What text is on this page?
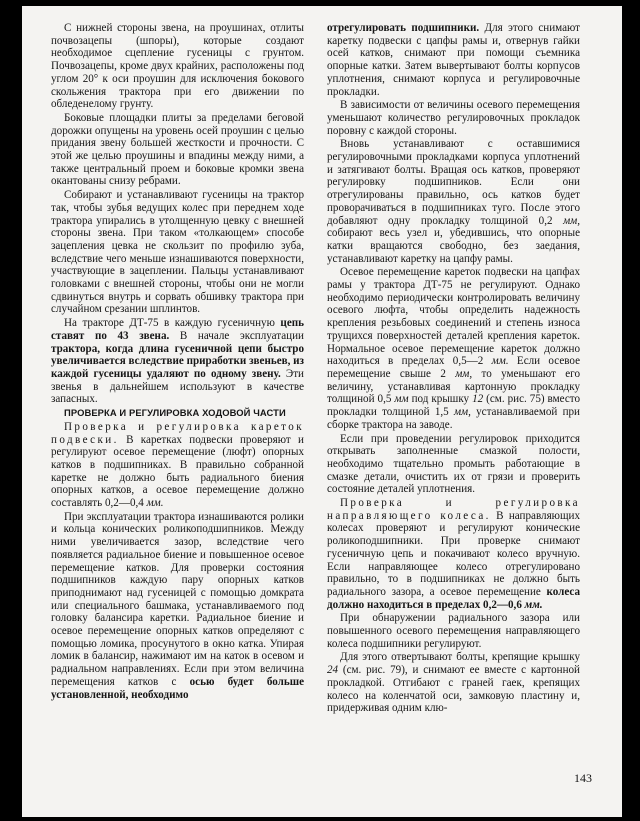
С нижней стороны звена, на проушинах, отлиты почвозацепы (шпоры), которые создают необходимое сцепление гусеницы с грунтом. Почвозацепы, кроме двух крайних, расположены под углом 20° к оси проушин для исключения бокового скольжения трактора при его движении по обледенелому грунту.

Боковые площадки плиты за пределами беговой дорожки опущены на уровень осей проушин с целью придания звену большей жесткости и прочности. С этой же целью проушины и впадины между ними, а также центральный проем и боковые кромки звена окантованы снизу ребрами.

Собирают и устанавливают гусеницы на трактор так, чтобы зубья ведущих колес при переднем ходе трактора упирались в утолщенную цевку с внешней стороны звена. При таком «толкающем» способе зацепления цевка не скользит по профилю зуба, вследствие чего меньше изнашиваются поверхности, участвующие в зацеплении. Пальцы устанавливают головками с внешней стороны, чтобы они не могли сдвинуться внутрь и сорвать обшивку трактора при случайном срезании шплинтов.

На тракторе ДТ-75 в каждую гусеничную цепь ставят по 43 звена. В начале эксплуатации трактора, когда длина гусеничной цепи быстро увеличивается вследствие приработки звеньев, из каждой гусеницы удаляют по одному звену. Эти звенья в дальнейшем используют в качестве запасных.

ПРОВЕРКА И РЕГУЛИРОВКА ХОДОВОЙ ЧАСТИ

Проверка и регулировка кареток подвески. В каретках подвески проверяют и регулируют осевое перемещение (люфт) опорных катков в подшипниках. В правильно собранной каретке не должно быть радиального биения опорных катков, а осевое перемещение должно составлять 0,2—0,4 мм.

При эксплуатации трактора изнашиваются ролики и кольца конических роликоподшипников. Между ними увеличивается зазор, вследствие чего появляется радиальное биение и повышенное осевое перемещение катков. Для проверки состояния подшипников каждую пару опорных катков приподнимают над гусеницей с помощью домкрата или специального башмака, устанавливаемого под головку балансира каретки. Радиальное биение и осевое перемещение опорных катков определяют с помощью ломика, просунутого в окно катка. Упирая ломик в балансир, нажимают им на каток в осевом и радиальном направлениях. Если при этом величина перемещения катков с осью будет больше установленной, необходимо

отрегулировать подшипники. Для этого снимают каретку подвески с цапфы рамы и, отвернув гайки осей катков, снимают при помощи съемника опорные катки. Затем вывертывают болты корпусов уплотнения, снимают корпуса и регулировочные прокладки.

В зависимости от величины осевого перемещения уменьшают количество регулировочных прокладок поровну с каждой стороны.

Вновь устанавливают с оставшимися регулировочными прокладками корпуса уплотнений и затягивают болты. Вращая ось катков, проверяют регулировку подшипников. Если они отрегулированы правильно, ось катков будет проворачиваться в подшипниках туго. После этого добавляют одну прокладку толщиной 0,2 мм, собирают весь узел и, убедившись, что опорные катки вращаются свободно, без заедания, устанавливают каретку на цапфу рамы.

Осевое перемещение кареток подвески на цапфах рамы у трактора ДТ-75 не регулируют. Однако необходимо периодически контролировать величину осевого люфта, чтобы определить надежность крепления резьбовых соединений и степень износа трущихся поверхностей деталей крепления кареток. Нормальное осевое перемещение кареток должно находиться в пределах 0,5—2 мм. Если осевое перемещение свыше 2 мм, то уменьшают его величину, устанавливая картонную прокладку толщиной 0,5 мм под крышку 12 (см. рис. 75) вместо прокладки толщиной 1,5 мм, устанавливаемой при сборке трактора на заводе.

Если при проведении регулировок приходится открывать заполненные смазкой полости, необходимо тщательно промыть работающие в смазке детали, очистить их от грязи и проверить состояние деталей уплотнения.

Проверка и регулировка направляющего колеса. В направляющих колесах проверяют и регулируют конические роликоподшипники. При проверке снимают гусеничную цепь и покачивают колесо вручную. Если направляющее колесо отрегулировано правильно, то в подшипниках не должно быть радиального зазора, а осевое перемещение колеса должно находиться в пределах 0,2—0,6 мм.

При обнаружении радиального зазора или повышенного осевого перемещения направляющего колеса подшипники регулируют.

Для этого отвертывают болты, крепящие крышку 24 (см. рис. 79), и снимают ее вместе с картонной прокладкой. Отгибают с граней гаек, крепящих колесо на коленчатой оси, замковую пластину и, придерживая одним клю-

143
